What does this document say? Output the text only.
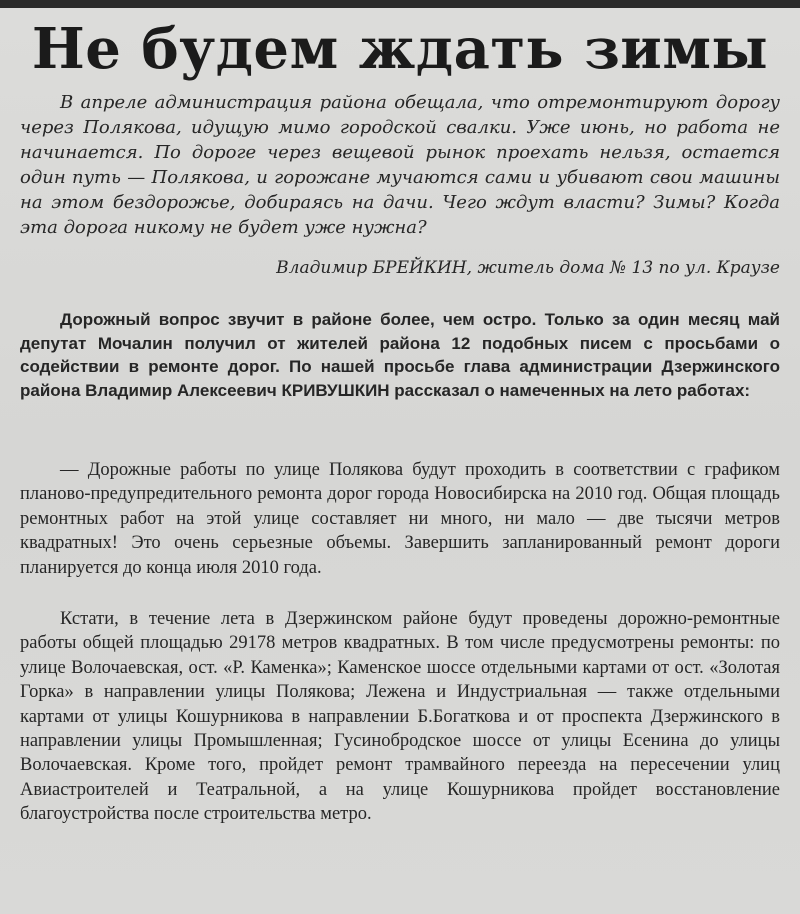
Не будем ждать зимы

В апреле администрация района обещала, что отремонтируют дорогу через Полякова, идущую мимо городской свалки. Уже июнь, но работа не начинается. По дороге через вещевой рынок проехать нельзя, остается один путь — Полякова, и горожане мучаются сами и убивают свои машины на этом бездорожье, добираясь на дачи. Чего ждут власти? Зимы? Когда эта дорога никому не будет уже нужна?

Владимир БРЕЙКИН, житель дома № 13 по ул. Краузе

Дорожный вопрос звучит в районе более, чем остро. Только за один месяц май депутат Мочалин получил от жителей района 12 подобных писем с просьбами о содействии в ремонте дорог. По нашей просьбе глава администрации Дзержинского района Владимир Алексеевич КРИВУШКИН рассказал о намеченных на лето работах:

— Дорожные работы по улице Полякова будут проходить в соответствии с графиком планово-предупредительного ремонта дорог города Новосибирска на 2010 год. Общая площадь ремонтных работ на этой улице составляет ни много, ни мало — две тысячи метров квадратных! Это очень серьезные объемы. Завершить запланированный ремонт дороги планируется до конца июля 2010 года.

Кстати, в течение лета в Дзержинском районе будут проведены дорожно-ремонтные работы общей площадью 29178 метров квадратных. В том числе предусмотрены ремонты: по улице Волочаевская, ост. «Р. Каменка»; Каменское шоссе отдельными картами от ост. «Золотая Горка» в направлении улицы Полякова; Лежена и Индустриальная — также отдельными картами от улицы Кошурникова в направлении Б.Богаткова и от проспекта Дзержинского в направлении улицы Промышленная; Гусинобродское шоссе от улицы Есенина до улицы Волочаевская. Кроме того, пройдет ремонт трамвайного переезда на пересечении улиц Авиастроителей и Театральной, а на улице Кошурникова пройдет восстановление благоустройства после строительства метро.
